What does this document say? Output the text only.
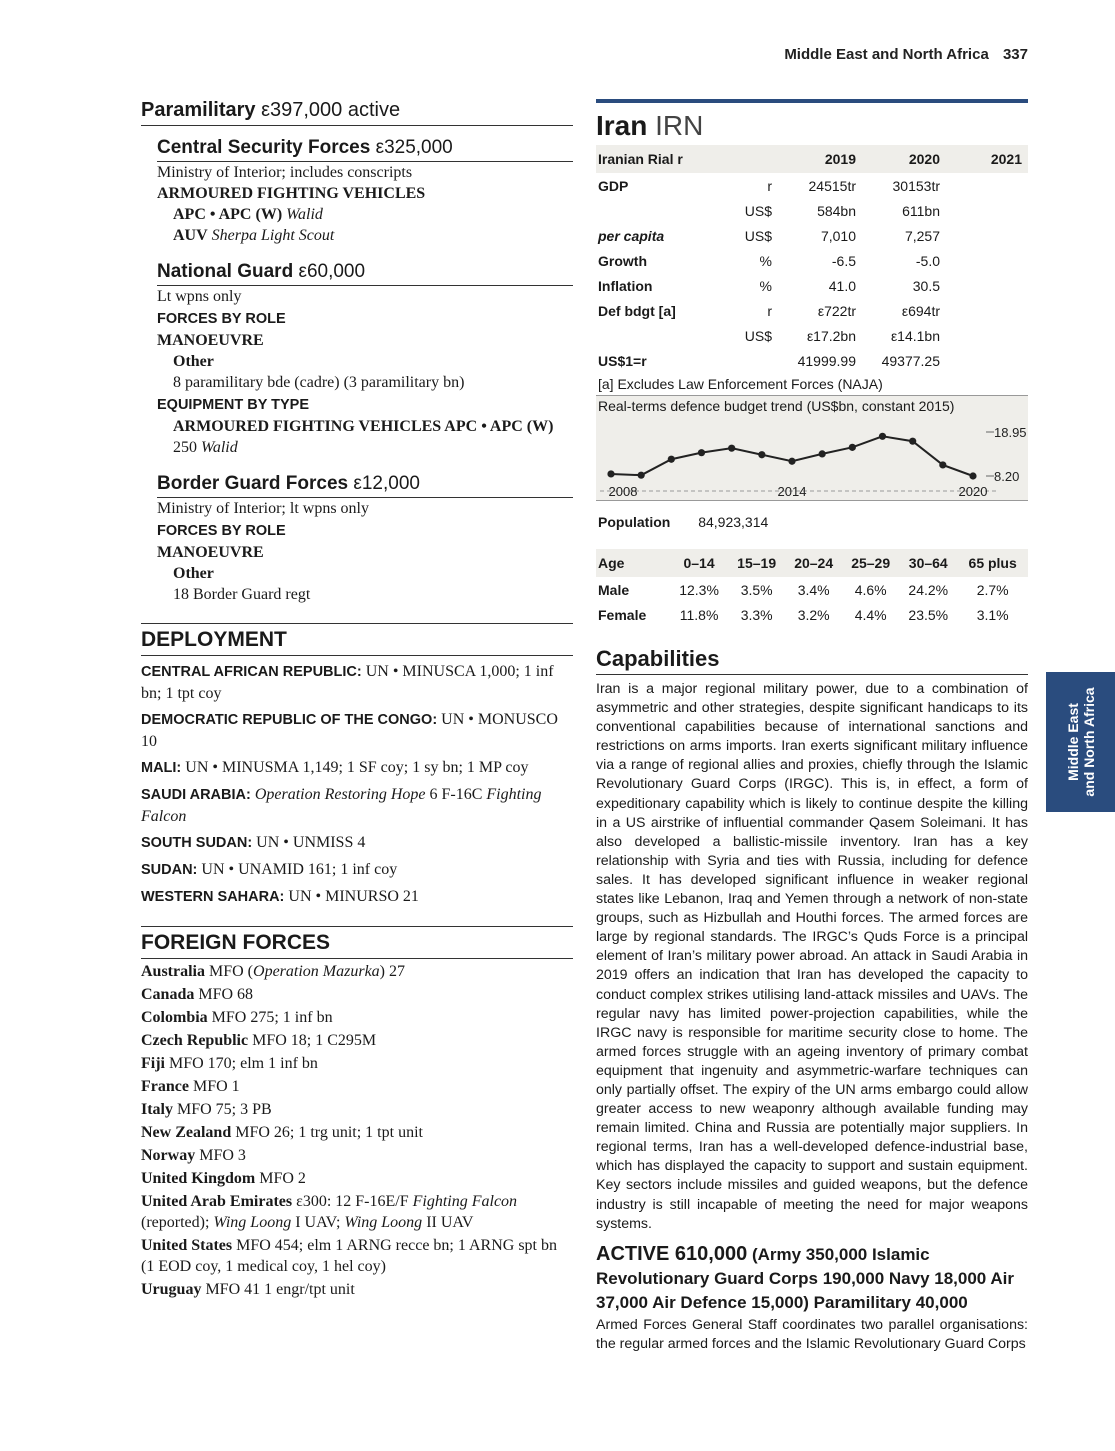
Middle East and North Africa 337
Middle East and North Africa
Paramilitary ε397,000 active
Central Security Forces ε325,000
Ministry of Interior; includes conscripts
ARMOURED FIGHTING VEHICLES
APC • APC (W) Walid
AUV Sherpa Light Scout
National Guard ε60,000
Lt wpns only
FORCES BY ROLE
MANOEUVRE
Other
8 paramilitary bde (cadre) (3 paramilitary bn)
EQUIPMENT BY TYPE
ARMOURED FIGHTING VEHICLES APC • APC (W) 250 Walid
Border Guard Forces ε12,000
Ministry of Interior; lt wpns only
FORCES BY ROLE
MANOEUVRE
Other
18 Border Guard regt
DEPLOYMENT
CENTRAL AFRICAN REPUBLIC: UN • MINUSCA 1,000; 1 inf bn; 1 tpt coy
DEMOCRATIC REPUBLIC OF THE CONGO: UN • MONUSCO 10
MALI: UN • MINUSMA 1,149; 1 SF coy; 1 sy bn; 1 MP coy
SAUDI ARABIA: Operation Restoring Hope 6 F-16C Fighting Falcon
SOUTH SUDAN: UN • UNMISS 4
SUDAN: UN • UNAMID 161; 1 inf coy
WESTERN SAHARA: UN • MINURSO 21
FOREIGN FORCES
Australia MFO (Operation Mazurka) 27
Canada MFO 68
Colombia MFO 275; 1 inf bn
Czech Republic MFO 18; 1 C295M
Fiji MFO 170; elm 1 inf bn
France MFO 1
Italy MFO 75; 3 PB
New Zealand MFO 26; 1 trg unit; 1 tpt unit
Norway MFO 3
United Kingdom MFO 2
United Arab Emirates ε300: 12 F-16E/F Fighting Falcon (reported); Wing Loong I UAV; Wing Loong II UAV
United States MFO 454; elm 1 ARNG recce bn; 1 ARNG spt bn (1 EOD coy, 1 medical coy, 1 hel coy)
Uruguay MFO 41 1 engr/tpt unit
Iran IRN
Iranian Rial r		2019	2020	2021
GDP	r	24515tr	30153tr	
	US$	584bn	611bn	
per capita	US$	7,010	7,257	
Growth	%	-6.5	-5.0	
Inflation	%	41.0	30.5	
Def bdgt [a]	r	ε722tr	ε694tr	
	US$	ε17.2bn	ε14.1bn	
US$1=r		41999.99	49377.25	
[a] Excludes Law Enforcement Forces (NAJA)
Real-terms defence budget trend (US$bn, constant 2015)
18.95
8.20
2008	2014	2020
Population 84,923,314
Age	0–14	15–19	20–24	25–29	30–64	65 plus
Male	12.3%	3.5%	3.4%	4.6%	24.2%	2.7%
Female	11.8%	3.3%	3.2%	4.4%	23.5%	3.1%
Capabilities
Iran is a major regional military power, due to a combination of asymmetric and other strategies, despite significant handicaps to its conventional capabilities because of international sanctions and restrictions on arms imports. Iran exerts significant military influence via a range of regional allies and proxies, chiefly through the Islamic Revolutionary Guard Corps (IRGC). This is, in effect, a form of expeditionary capability which is likely to continue despite the killing in a US airstrike of influential commander Qasem Soleimani. It has also developed a ballistic-missile inventory. Iran has a key relationship with Syria and ties with Russia, including for defence sales. It has developed significant influence in weaker regional states like Lebanon, Iraq and Yemen through a network of non-state groups, such as Hizbullah and Houthi forces. The armed forces are large by regional standards. The IRGC’s Quds Force is a principal element of Iran’s military power abroad. An attack in Saudi Arabia in 2019 offers an indication that Iran has developed the capacity to conduct complex strikes utilising land-attack missiles and UAVs. The regular navy has limited power-projection capabilities, while the IRGC navy is responsible for maritime security close to home. The armed forces struggle with an ageing inventory of primary combat equipment that ingenuity and asymmetric-warfare techniques can only partially offset. The expiry of the UN arms embargo could allow greater access to new weaponry although available funding may remain limited. China and Russia are potentially major suppliers. In regional terms, Iran has a well-developed defence-industrial base, which has displayed the capacity to support and sustain equipment. Key sectors include missiles and guided weapons, but the defence industry is still incapable of meeting the need for major weapons systems.
ACTIVE 610,000 (Army 350,000 Islamic Revolutionary Guard Corps 190,000 Navy 18,000 Air 37,000 Air Defence 15,000) Paramilitary 40,000
Armed Forces General Staff coordinates two parallel organisations: the regular armed forces and the Islamic Revolutionary Guard Corps
